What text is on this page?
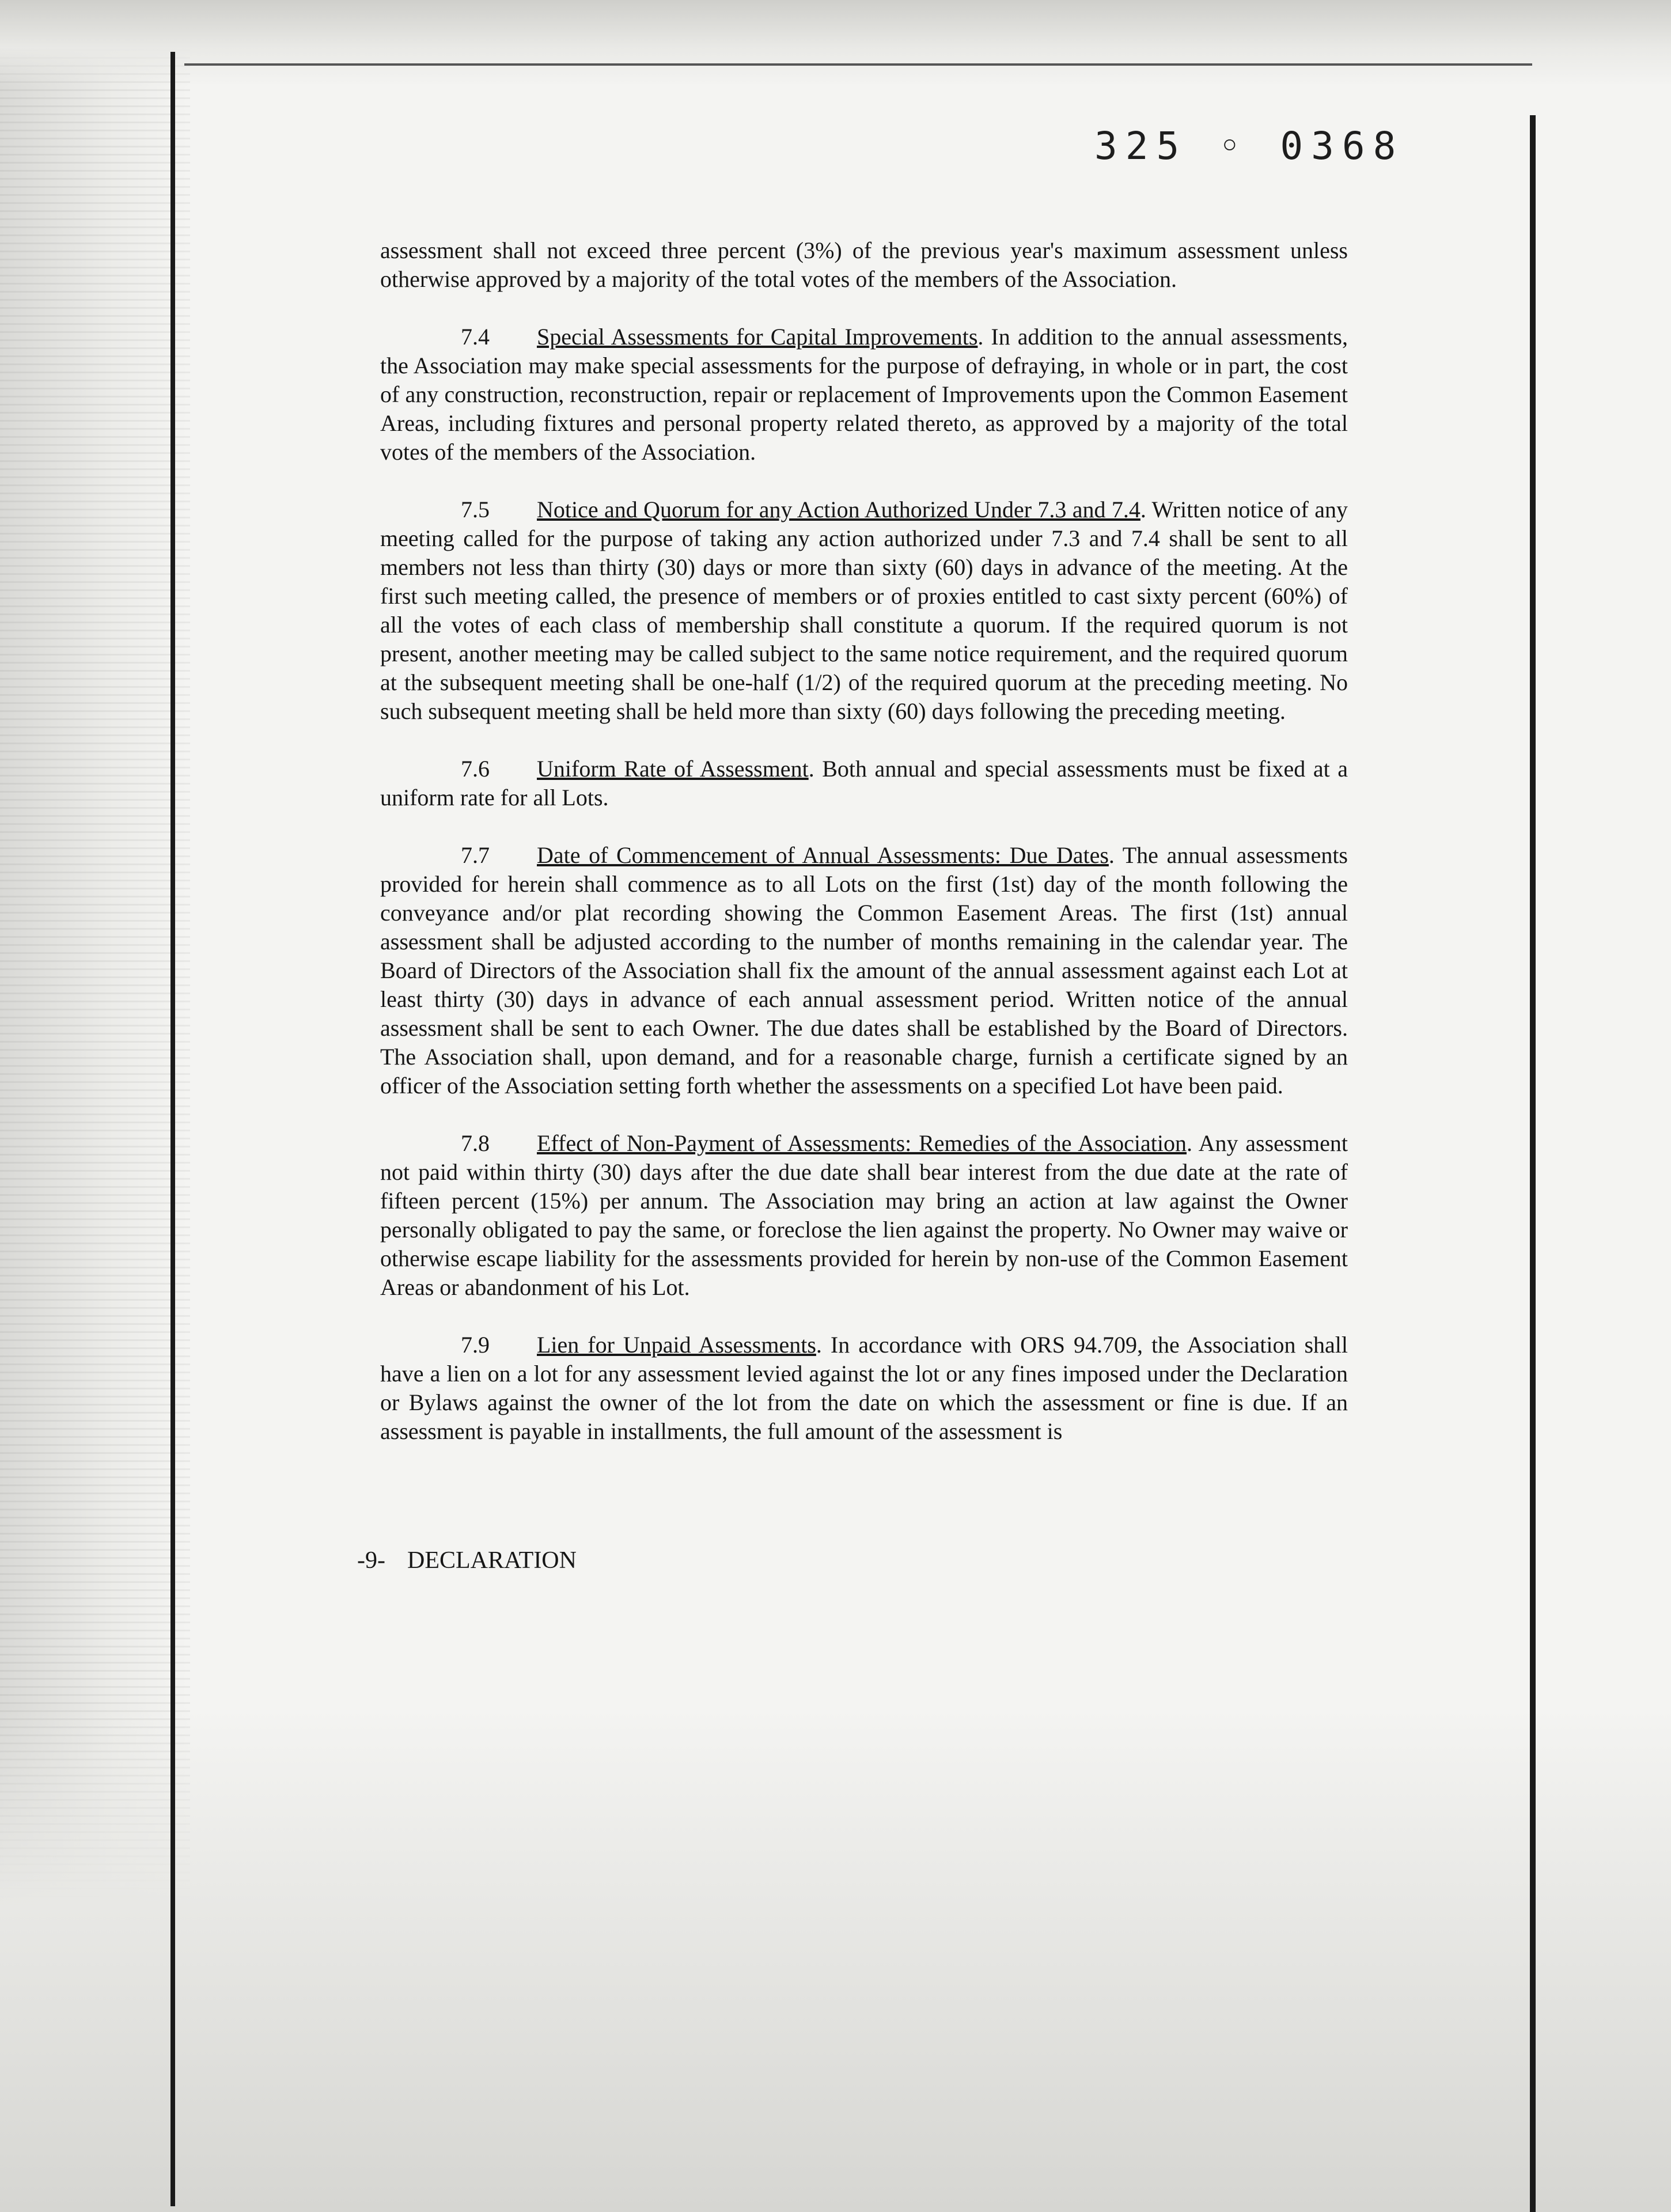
325 ◦ 0368

assessment shall not exceed three percent (3%) of the previous year's maximum assessment unless otherwise approved by a majority of the total votes of the members of the Association.

7.4 Special Assessments for Capital Improvements. In addition to the annual assessments, the Association may make special assessments for the purpose of defraying, in whole or in part, the cost of any construction, reconstruction, repair or replacement of Improvements upon the Common Easement Areas, including fixtures and personal property related thereto, as approved by a majority of the total votes of the members of the Association.

7.5 Notice and Quorum for any Action Authorized Under 7.3 and 7.4. Written notice of any meeting called for the purpose of taking any action authorized under 7.3 and 7.4 shall be sent to all members not less than thirty (30) days or more than sixty (60) days in advance of the meeting. At the first such meeting called, the presence of members or of proxies entitled to cast sixty percent (60%) of all the votes of each class of membership shall constitute a quorum. If the required quorum is not present, another meeting may be called subject to the same notice requirement, and the required quorum at the subsequent meeting shall be one-half (1/2) of the required quorum at the preceding meeting. No such subsequent meeting shall be held more than sixty (60) days following the preceding meeting.

7.6 Uniform Rate of Assessment. Both annual and special assessments must be fixed at a uniform rate for all Lots.

7.7 Date of Commencement of Annual Assessments: Due Dates. The annual assessments provided for herein shall commence as to all Lots on the first (1st) day of the month following the conveyance and/or plat recording showing the Common Easement Areas. The first (1st) annual assessment shall be adjusted according to the number of months remaining in the calendar year. The Board of Directors of the Association shall fix the amount of the annual assessment against each Lot at least thirty (30) days in advance of each annual assessment period. Written notice of the annual assessment shall be sent to each Owner. The due dates shall be established by the Board of Directors. The Association shall, upon demand, and for a reasonable charge, furnish a certificate signed by an officer of the Association setting forth whether the assessments on a specified Lot have been paid.

7.8 Effect of Non-Payment of Assessments: Remedies of the Association. Any assessment not paid within thirty (30) days after the due date shall bear interest from the due date at the rate of fifteen percent (15%) per annum. The Association may bring an action at law against the Owner personally obligated to pay the same, or foreclose the lien against the property. No Owner may waive or otherwise escape liability for the assessments provided for herein by non-use of the Common Easement Areas or abandonment of his Lot.

7.9 Lien for Unpaid Assessments. In accordance with ORS 94.709, the Association shall have a lien on a lot for any assessment levied against the lot or any fines imposed under the Declaration or Bylaws against the owner of the lot from the date on which the assessment or fine is due. If an assessment is payable in installments, the full amount of the assessment is

-9- DECLARATION
